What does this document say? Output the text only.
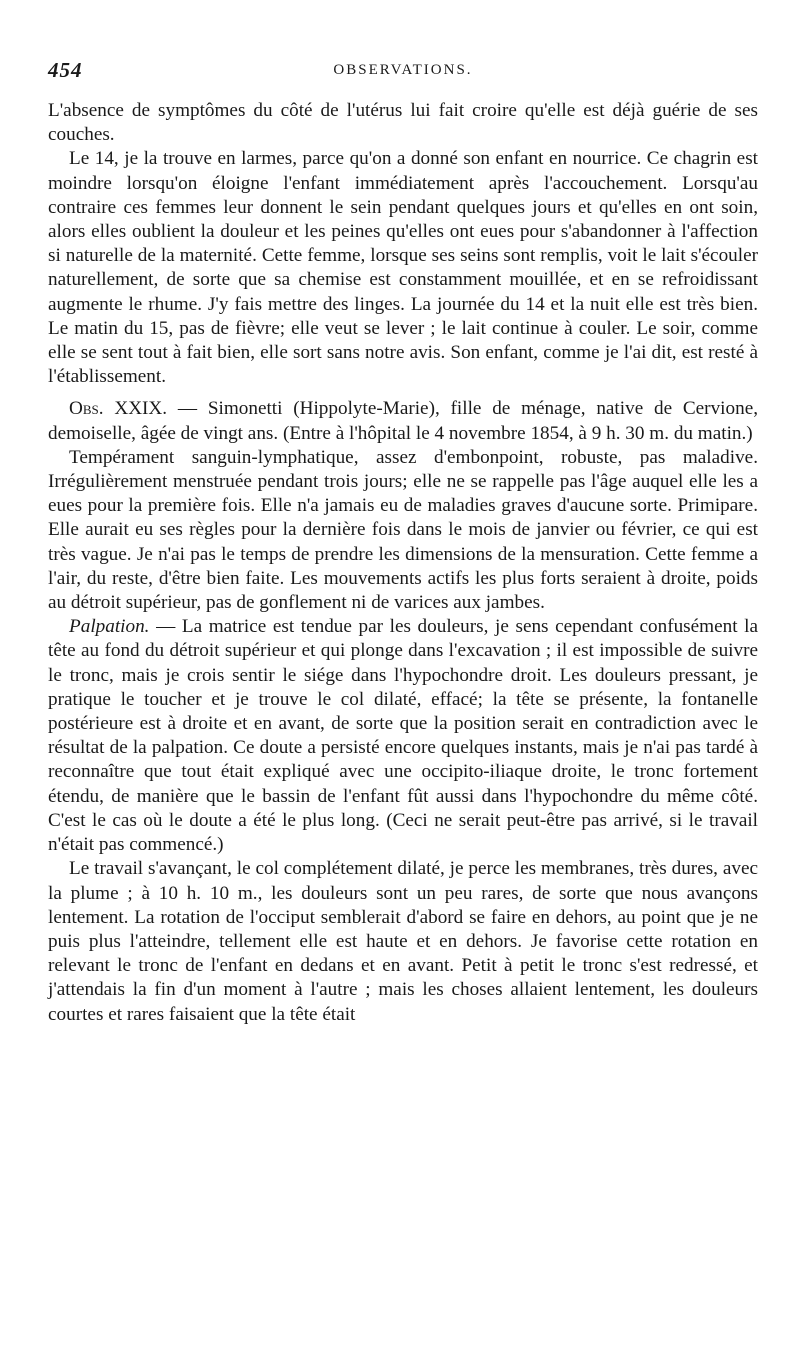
454	OBSERVATIONS.

L'absence de symptômes du côté de l'utérus lui fait croire qu'elle est déjà guérie de ses couches.

Le 14, je la trouve en larmes, parce qu'on a donné son enfant en nourrice. Ce chagrin est moindre lorsqu'on éloigne l'enfant immédiatement après l'accouchement. Lorsqu'au contraire ces femmes leur donnent le sein pendant quelques jours et qu'elles en ont soin, alors elles oublient la douleur et les peines qu'elles ont eues pour s'abandonner à l'affection si naturelle de la maternité. Cette femme, lorsque ses seins sont remplis, voit le lait s'écouler naturellement, de sorte que sa chemise est constamment mouillée, et en se refroidissant augmente le rhume. J'y fais mettre des linges. La journée du 14 et la nuit elle est très bien. Le matin du 15, pas de fièvre; elle veut se lever ; le lait continue à couler. Le soir, comme elle se sent tout à fait bien, elle sort sans notre avis. Son enfant, comme je l'ai dit, est resté à l'établissement.

Obs. XXIX. — Simonetti (Hippolyte-Marie), fille de ménage, native de Cervione, demoiselle, âgée de vingt ans. (Entre à l'hôpital le 4 novembre 1854, à 9 h. 30 m. du matin.)

Tempérament sanguin-lymphatique, assez d'embonpoint, robuste, pas maladive. Irrégulièrement menstruée pendant trois jours; elle ne se rappelle pas l'âge auquel elle les a eues pour la première fois. Elle n'a jamais eu de maladies graves d'aucune sorte. Primipare. Elle aurait eu ses règles pour la dernière fois dans le mois de janvier ou février, ce qui est très vague. Je n'ai pas le temps de prendre les dimensions de la mensuration. Cette femme a l'air, du reste, d'être bien faite. Les mouvements actifs les plus forts seraient à droite, poids au détroit supérieur, pas de gonflement ni de varices aux jambes.

Palpation. — La matrice est tendue par les douleurs, je sens cependant confusément la tête au fond du détroit supérieur et qui plonge dans l'excavation ; il est impossible de suivre le tronc, mais je crois sentir le siége dans l'hypochondre droit. Les douleurs pressant, je pratique le toucher et je trouve le col dilaté, effacé; la tête se présente, la fontanelle postérieure est à droite et en avant, de sorte que la position serait en contradiction avec le résultat de la palpation. Ce doute a persisté encore quelques instants, mais je n'ai pas tardé à reconnaître que tout était expliqué avec une occipito-iliaque droite, le tronc fortement étendu, de manière que le bassin de l'enfant fût aussi dans l'hypochondre du même côté. C'est le cas où le doute a été le plus long. (Ceci ne serait peut-être pas arrivé, si le travail n'était pas commencé.)

Le travail s'avançant, le col complétement dilaté, je perce les membranes, très dures, avec la plume ; à 10 h. 10 m., les douleurs sont un peu rares, de sorte que nous avançons lentement. La rotation de l'occiput semblerait d'abord se faire en dehors, au point que je ne puis plus l'atteindre, tellement elle est haute et en dehors. Je favorise cette rotation en relevant le tronc de l'enfant en dedans et en avant. Petit à petit le tronc s'est redressé, et j'attendais la fin d'un moment à l'autre ; mais les choses allaient lentement, les douleurs courtes et rares faisaient que la tête était
